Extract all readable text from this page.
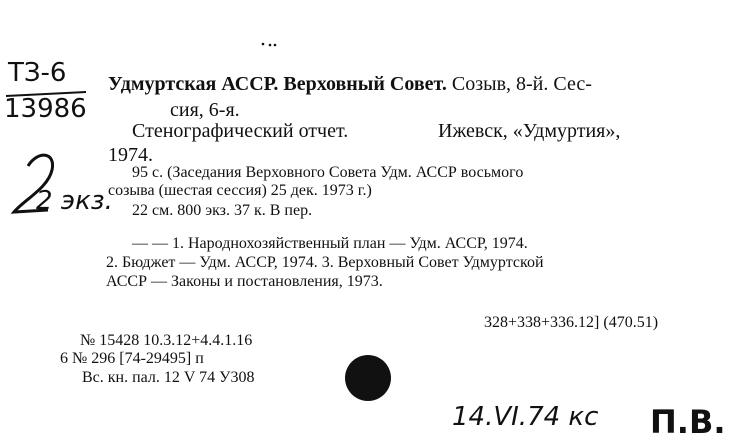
ТЗ-6
13986
2 экз.
Удмуртская АССР. Верховный Совет. Созыв, 8-й. Сес-
сия, 6-я.
Стенографический отчет.	Ижевск, «Удмуртия»,
1974.
95 с. (Заседания Верховного Совета Удм. АССР восьмого
созыва (шестая сессия) 25 дек. 1973 г.)
22 см. 800 экз. 37 к. В пер.
— — 1. Народнохозяйственный план — Удм. АССР, 1974.
2. Бюджет — Удм. АССР, 1974. 3. Верховный Совет Удмуртской
АССР — Законы и постановления, 1973.
328+338+336.12] (470.51)
№ 15428 10.3.12+4.4.1.16
6 № 296 [74-29495] п
Вс. кн. пал. 12 V 74 У308
14.VI.74 кс П.В.
